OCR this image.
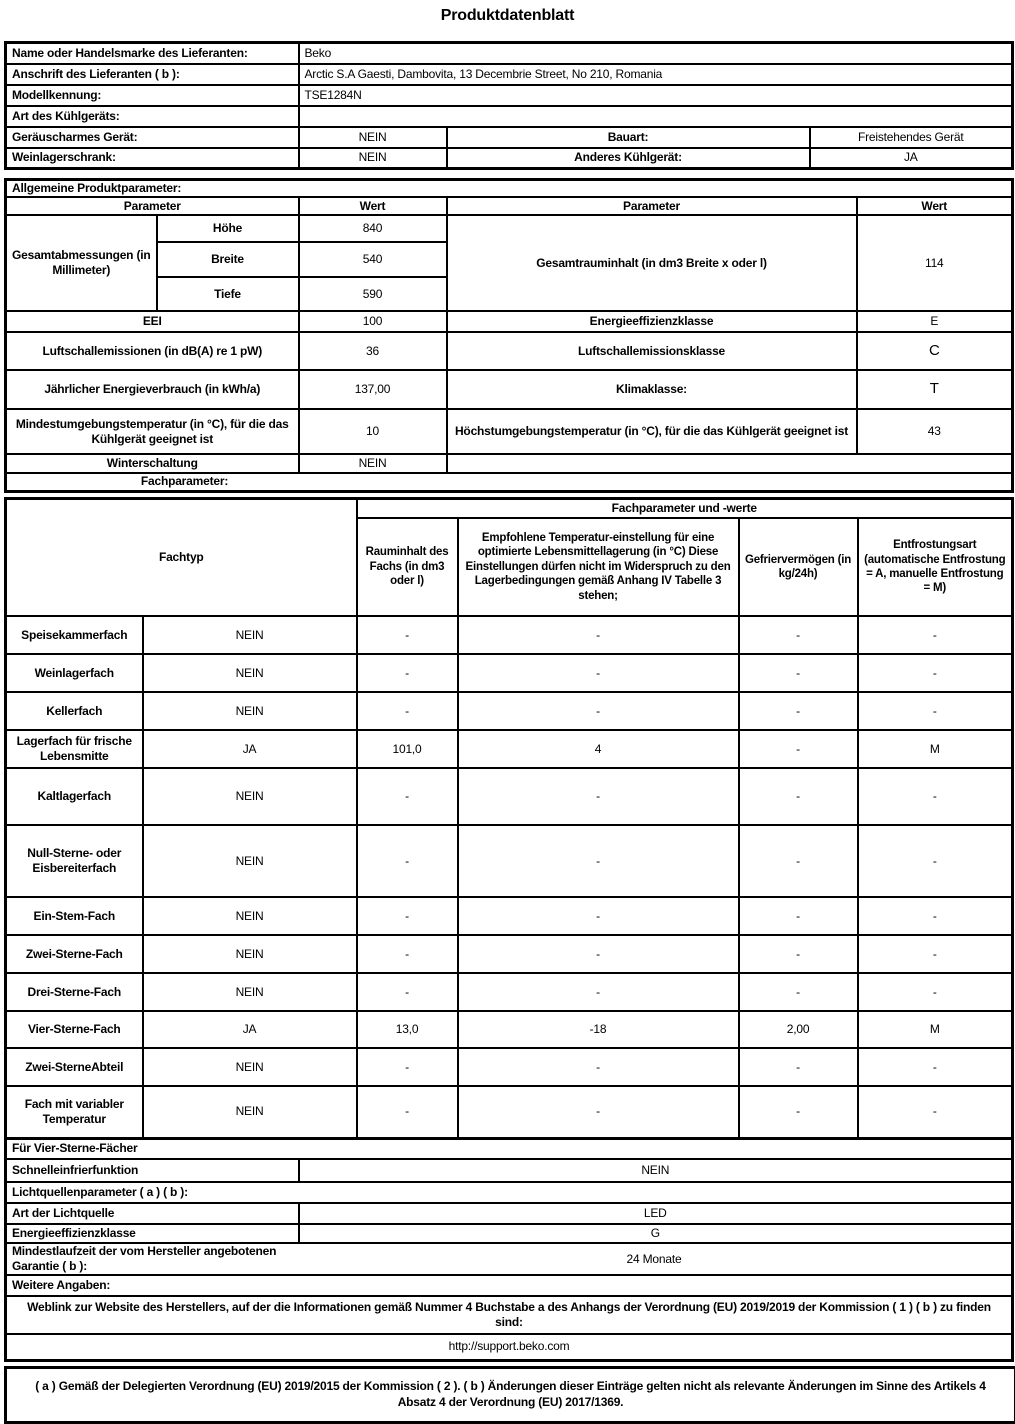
Produktdatenblatt
Name oder Handelsmarke des Lieferanten:	Beko		
Anschrift des Lieferanten ( b ):	Arctic S.A Gaesti, Dambovita, 13 Decembrie Street, No 210, Romania		
Modellkennung:	TSE1284N		
Art des Kühlgeräts:			
Geräuscharmes Gerät:	NEIN	Bauart:	Freistehendes Gerät
Weinlagerschrank:	NEIN	Anderes Kühlgerät:	JA
Allgemeine Produktparameter:				
Parameter		Wert	Parameter	Wert
Gesamtabmessungen (in Millimeter)	Höhe	840	Gesamtrauminhalt (in dm3 Breite x oder l)	114
	Breite	540		
	Tiefe	590		
EEI		100	Energieeffizienzklasse	E
Luftschallemissionen (in dB(A) re 1 pW)		36	Luftschallemissionsklasse	C
Jährlicher Energieverbrauch (in kWh/a)		137,00	Klimaklasse:	T
Mindestumgebungstemperatur (in °C), für die das Kühlgerät geeignet ist		10	Höchstumgebungstemperatur (in °C), für die das Kühlgerät geeignet ist	43
Winterschaltung		NEIN		
Fachparameter:				
Fachtyp		Fachparameter und -werte			
		Rauminhalt des Fachs (in dm3 oder l)	Empfohlene Temperatur-einstellung für eine optimierte Lebensmittellagerung (in °C) Diese Einstellungen dürfen nicht im Widerspruch zu den Lagerbedingungen gemäß Anhang IV Tabelle 3 stehen;	Gefriervermögen (in kg/24h)	Entfrostungsart (automatische Entfrostung = A, manuelle Entfrostung = M)
Speisekammerfach	NEIN	-	-	-	-
Weinlagerfach	NEIN	-	-	-	-
Kellerfach	NEIN	-	-	-	-
Lagerfach für frische Lebensmitte	JA	101,0	4	-	M
Kaltlagerfach	NEIN	-	-	-	-
Null-Sterne- oder Eisbereiterfach	NEIN	-	-	-	-
Ein-Stem-Fach	NEIN	-	-	-	-
Zwei-Sterne-Fach	NEIN	-	-	-	-
Drei-Sterne-Fach	NEIN	-	-	-	-
Vier-Sterne-Fach	JA	13,0	-18	2,00	M
Zwei-SterneAbteil	NEIN	-	-	-	-
Fach mit variabler Temperatur	NEIN	-	-	-	-
Für Vier-Sterne-Fächer	
Schnelleinfrierfunktion	NEIN
Lichtquellenparameter ( a ) ( b ):	
Art der Lichtquelle	LED
Energieeffizienzklasse	G

Mindestlaufzeit der vom Hersteller angebotenen Garantie ( b ):
24 Monate	

Weitere Angaben:	
Weblink zur Website des Herstellers, auf der die Informationen gemäß Nummer 4 Buchstabe a des Anhangs der Verordnung (EU) 2019/2019 der Kommission ( 1 ) ( b ) zu finden sind:	
http://support.beko.com	
( a ) Gemäß der Delegierten Verordnung (EU) 2019/2015 der Kommission ( 2 ). ( b ) Änderungen dieser Einträge gelten nicht als relevante Änderungen im Sinne des Artikels 4 Absatz 4 der Verordnung (EU) 2017/1369.
